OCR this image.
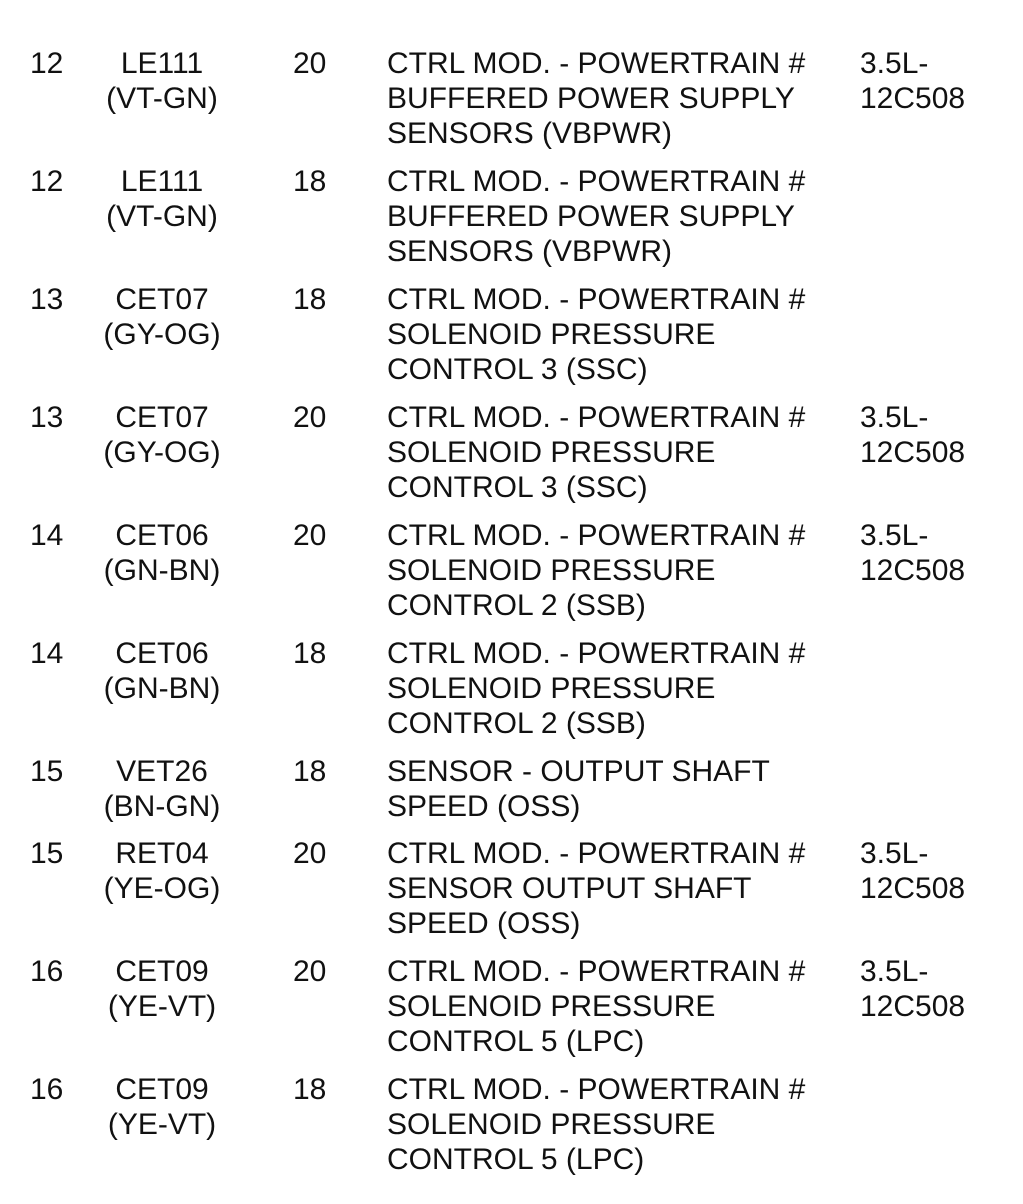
12	LE111
(VT-GN)
20 CTRL MOD. - POWERTRAIN #
BUFFERED POWER SUPPLY
SENSORS (VBPWR)
3.5L-
12C508
12	LE111
(VT-GN)
18 CTRL MOD. - POWERTRAIN #
BUFFERED POWER SUPPLY
SENSORS (VBPWR)
13	CET07
(GY-OG)
18 CTRL MOD. - POWERTRAIN #
SOLENOID PRESSURE
CONTROL 3 (SSC)
13	CET07
(GY-OG)
20 CTRL MOD. - POWERTRAIN #
SOLENOID PRESSURE
CONTROL 3 (SSC)
3.5L-
12C508
14	CET06
(GN-BN)
20 CTRL MOD. - POWERTRAIN #
SOLENOID PRESSURE
CONTROL 2 (SSB)
3.5L-
12C508
14	CET06
(GN-BN)
18 CTRL MOD. - POWERTRAIN #
SOLENOID PRESSURE
CONTROL 2 (SSB)
15	VET26
(BN-GN)
18 SENSOR - OUTPUT SHAFT
SPEED (OSS)
15	RET04
(YE-OG)
20 CTRL MOD. - POWERTRAIN #
SENSOR OUTPUT SHAFT
SPEED (OSS)
3.5L-
12C508
16	CET09
(YE-VT)
20 CTRL MOD. - POWERTRAIN #
SOLENOID PRESSURE
CONTROL 5 (LPC)
3.5L-
12C508
16	CET09
(YE-VT)
18 CTRL MOD. - POWERTRAIN #
SOLENOID PRESSURE
CONTROL 5 (LPC)
